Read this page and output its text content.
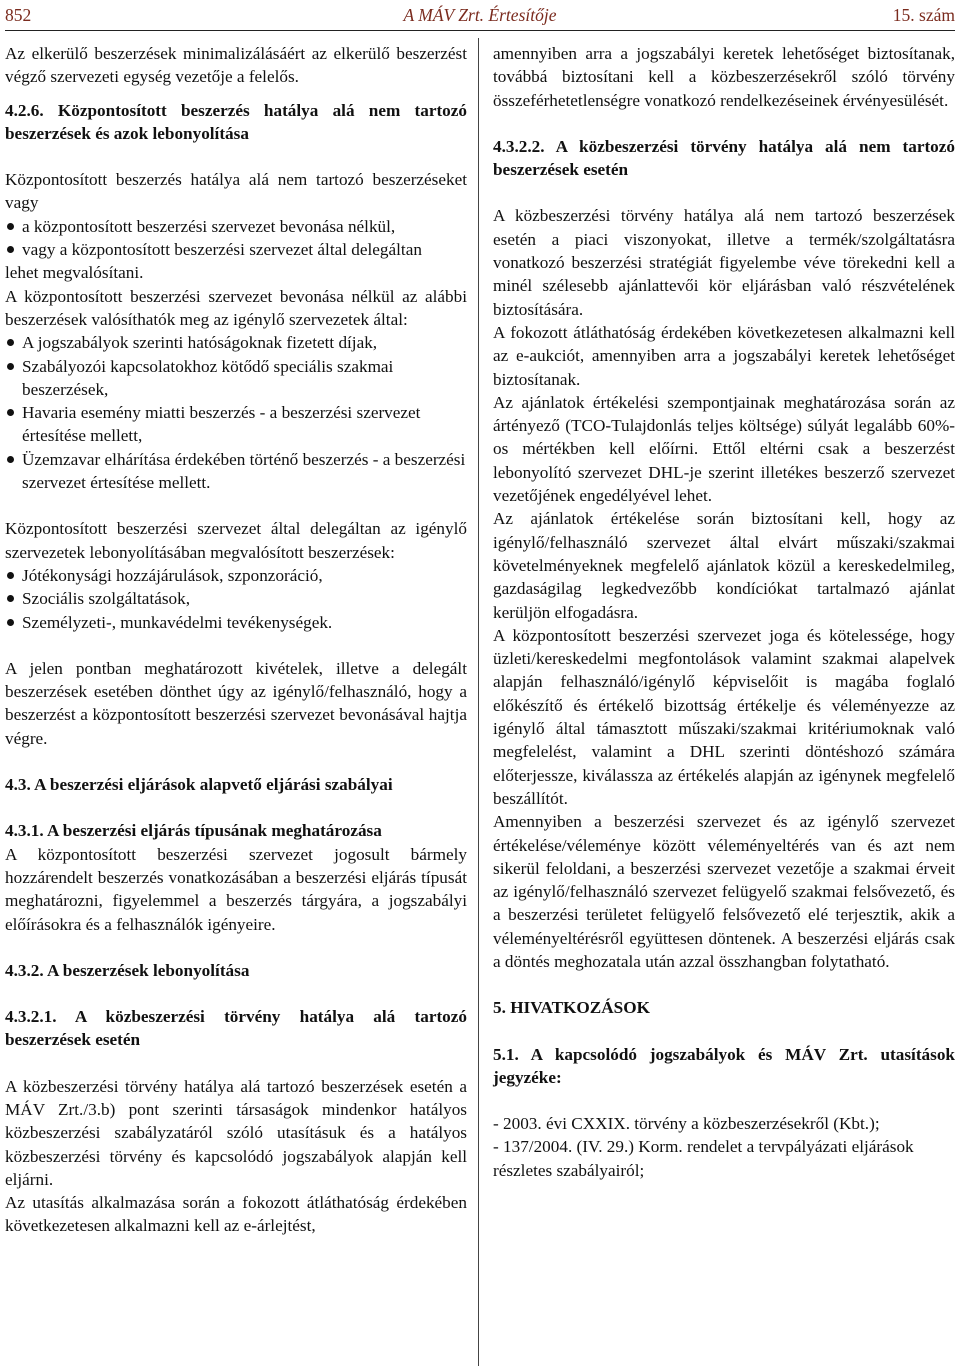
852	A MÁV Zrt. Értesítője	15. szám

Az elkerülő beszerzések minimalizálásáért az elkerülő beszerzést végző szervezeti egység vezetője a felelős.

4.2.6. Központosított beszerzés hatálya alá nem tartozó beszerzések és azok lebonyolítása

Központosított beszerzés hatálya alá nem tartozó beszerzéseket vagy

a központosított beszerzési szervezet bevonása nélkül,
vagy a központosított beszerzési szervezet által delegáltan

lehet megvalósítani.

A központosított beszerzési szervezet bevonása nélkül az alábbi beszerzések valósíthatók meg az igénylő szervezetek által:

A jogszabályok szerinti hatóságoknak fizetett díjak,
Szabályozói kapcsolatokhoz kötődő speciális szakmai beszerzések,
Havaria esemény miatti beszerzés - a beszerzési szervezet értesítése mellett,
Üzemzavar elhárítása érdekében történő beszerzés - a beszerzési szervezet értesítése mellett.

Központosított beszerzési szervezet által delegáltan az igénylő szervezetek lebonyolításában megvalósított beszerzések:

Jótékonysági hozzájárulások, szponzoráció,
Szociális szolgáltatások,
Személyzeti-, munkavédelmi tevékenységek.

A jelen pontban meghatározott kivételek, illetve a delegált beszerzések esetében dönthet úgy az igénylő/felhasználó, hogy a beszerzést a központosított beszerzési szervezet bevonásával hajtja végre.

4.3. A beszerzési eljárások alapvető eljárási szabályai

4.3.1. A beszerzési eljárás típusának meghatározása

A központosított beszerzési szervezet jogosult bármely hozzárendelt beszerzés vonatkozásában a beszerzési eljárás típusát meghatározni, figyelemmel a beszerzés tárgyára, a jogszabályi előírásokra és a felhasználók igényeire.

4.3.2. A beszerzések lebonyolítása

4.3.2.1. A közbeszerzési törvény hatálya alá tartozó beszerzések esetén

A közbeszerzési törvény hatálya alá tartozó beszerzések esetén a MÁV Zrt./3.b) pont szerinti társaságok mindenkor hatályos közbeszerzési szabályzatáról szóló utasításuk és a hatályos közbeszerzési törvény és kapcsolódó jogszabályok alapján kell eljárni.

Az utasítás alkalmazása során a fokozott átláthatóság érdekében következetesen alkalmazni kell az e-árlejtést,

amennyiben arra a jogszabályi keretek lehetőséget biztosítanak, továbbá biztosítani kell a közbeszerzésekről szóló törvény összeférhetetlenségre vonatkozó rendelkezéseinek érvényesülését.

4.3.2.2. A közbeszerzési törvény hatálya alá nem tartozó beszerzések esetén

A közbeszerzési törvény hatálya alá nem tartozó beszerzések esetén a piaci viszonyokat, illetve a termék/szolgáltatásra vonatkozó beszerzési stratégiát figyelembe véve törekedni kell a minél szélesebb ajánlattevői kör eljárásban való részvételének biztosítására.

A fokozott átláthatóság érdekében következetesen alkalmazni kell az e-aukciót, amennyiben arra a jogszabályi keretek lehetőséget biztosítanak.

Az ajánlatok értékelési szempontjainak meghatározása során az ártényező (TCO-Tulajdonlás teljes költsége) súlyát legalább 60%-os mértékben kell előírni. Ettől eltérni csak a beszerzést lebonyolító szervezet DHL-je szerint illetékes beszerző szervezet vezetőjének engedélyével lehet.

Az ajánlatok értékelése során biztosítani kell, hogy az igénylő/felhasználó szervezet által elvárt műszaki/szakmai követelményeknek megfelelő ajánlatok közül a kereskedelmileg, gazdaságilag legkedvezőbb kondíciókat tartalmazó ajánlat kerüljön elfogadásra.

A központosított beszerzési szervezet joga és kötelessége, hogy üzleti/kereskedelmi megfontolások valamint szakmai alapelvek alapján felhasználó/igénylő képviselőit is magába foglaló előkészítő és értékelő bizottság értékelje és véleményezze az igénylő által támasztott műszaki/szakmai kritériumoknak való megfelelést, valamint a DHL szerinti döntéshozó számára előterjessze, kiválassza az értékelés alapján az igénynek megfelelő beszállítót.

Amennyiben a beszerzési szervezet és az igénylő szervezet értékelése/véleménye között véleményeltérés van és azt nem sikerül feloldani, a beszerzési szervezet vezetője a szakmai érveit az igénylő/felhasználó szervezet felügyelő szakmai felsővezető, és a beszerzési területet felügyelő felsővezető elé terjesztik, akik a véleményeltérésről együttesen döntenek. A beszerzési eljárás csak a döntés meghozatala után azzal összhangban folytatható.

5. HIVATKOZÁSOK

5.1. A kapcsolódó jogszabályok és MÁV Zrt. utasítások jegyzéke:

- 2003. évi CXXIX. törvény a közbeszerzésekről (Kbt.);
- 137/2004. (IV. 29.) Korm. rendelet a tervpályázati eljárások részletes szabályairól;
